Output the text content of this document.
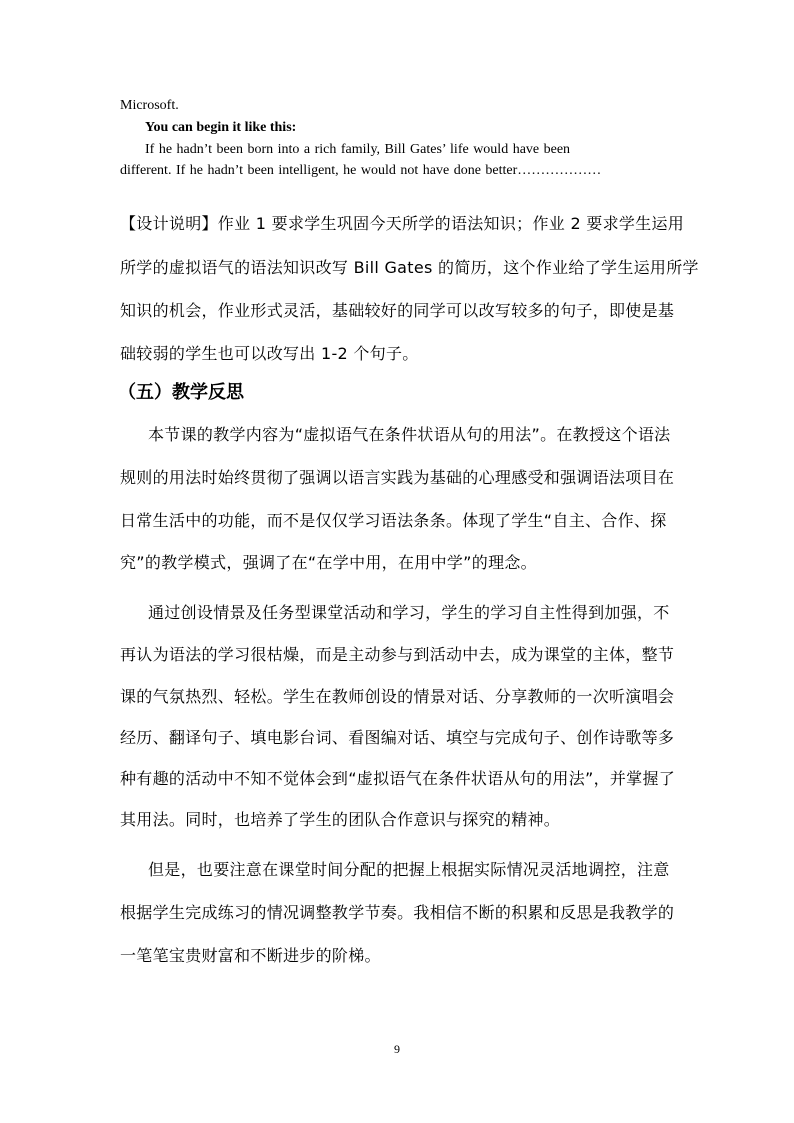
Microsoft.
You can begin it like this:
If he hadn’t been born into a rich family, Bill Gates’ life would have been
different. If he hadn’t been intelligent, he would not have done better………………
【设计说明】作业 1 要求学生巩固今天所学的语法知识；作业 2 要求学生运用
所学的虚拟语气的语法知识改写 Bill Gates 的简历，这个作业给了学生运用所学
知识的机会，作业形式灵活，基础较好的同学可以改写较多的句子，即使是基
础较弱的学生也可以改写出 1-2 个句子。
（五）教学反思
本节课的教学内容为“虚拟语气在条件状语从句的用法”。在教授这个语法
规则的用法时始终贯彻了强调以语言实践为基础的心理感受和强调语法项目在
日常生活中的功能，而不是仅仅学习语法条条。体现了学生“自主、合作、探
究”的教学模式，强调了在“在学中用，在用中学”的理念。
通过创设情景及任务型课堂活动和学习，学生的学习自主性得到加强，不
再认为语法的学习很枯燥，而是主动参与到活动中去，成为课堂的主体，整节
课的气氛热烈、轻松。学生在教师创设的情景对话、分享教师的一次听演唱会
经历、翻译句子、填电影台词、看图编对话、填空与完成句子、创作诗歌等多
种有趣的活动中不知不觉体会到“虚拟语气在条件状语从句的用法”，并掌握了
其用法。同时，也培养了学生的团队合作意识与探究的精神。
但是，也要注意在课堂时间分配的把握上根据实际情况灵活地调控，注意
根据学生完成练习的情况调整教学节奏。我相信不断的积累和反思是我教学的
一笔笔宝贵财富和不断进步的阶梯。
9
